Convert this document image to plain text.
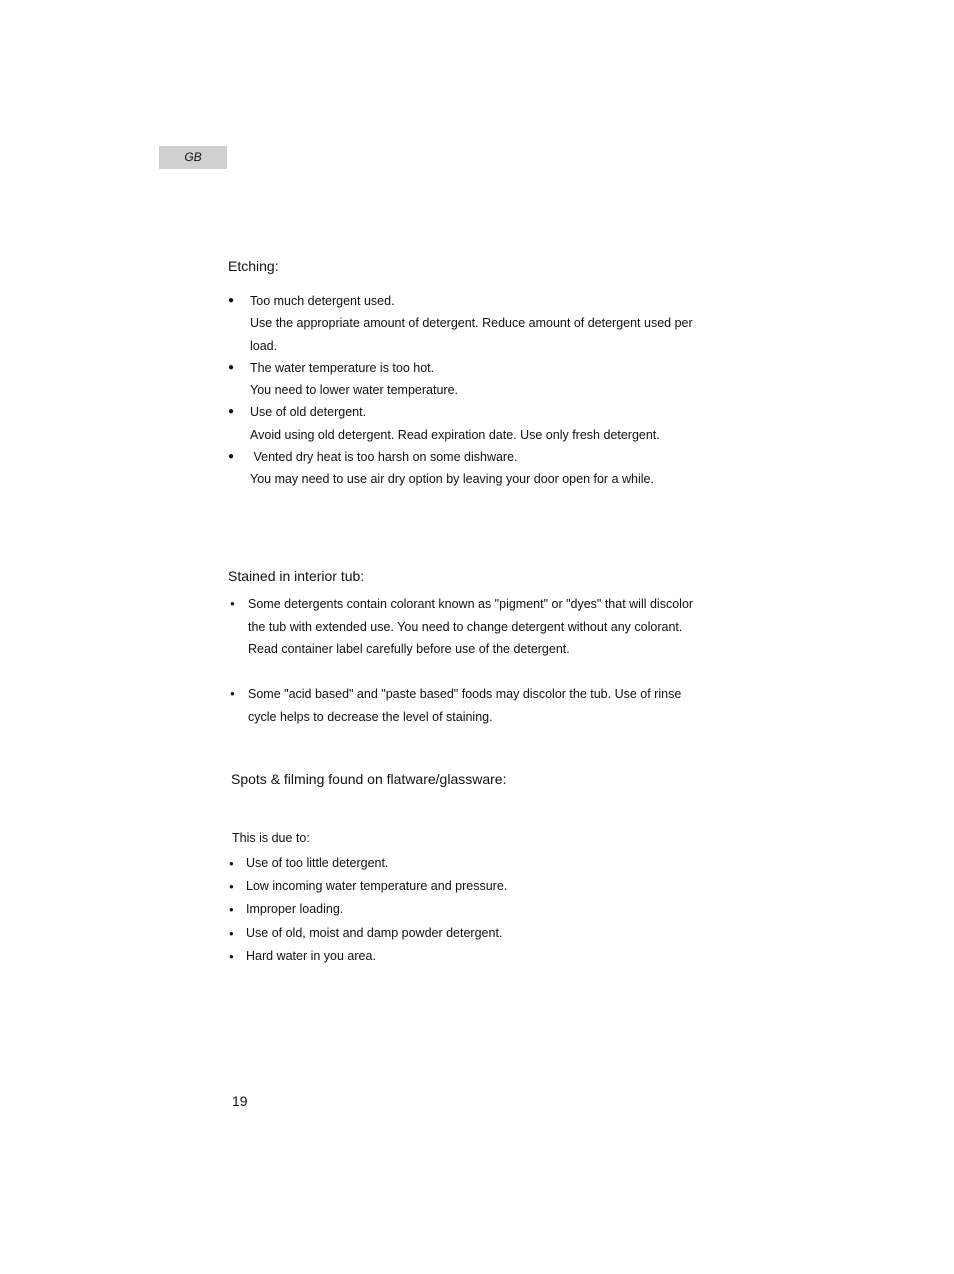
GB
Etching:
● Too much detergent used.
Use the appropriate amount of detergent. Reduce amount of detergent used per
load.
● The water temperature is too hot.
You need to lower water temperature.
● Use of old detergent.
Avoid using old detergent. Read expiration date. Use only fresh detergent.
● Vented dry heat is too harsh on some dishware.
You may need to use air dry option by leaving your door open for a while.
Stained in interior tub:
● Some detergents contain colorant known as "pigment" or "dyes" that will discolor
the tub with extended use. You need to change detergent without any colorant.
Read container label carefully before use of the detergent.
● Some "acid based" and "paste based" foods may discolor the tub. Use of rinse
cycle helps to decrease the level of staining.
Spots & filming found on flatware/glassware:
This is due to:
● Use of too little detergent.
● Low incoming water temperature and pressure.
● Improper loading.
● Use of old, moist and damp powder detergent.
● Hard water in you area.
19
